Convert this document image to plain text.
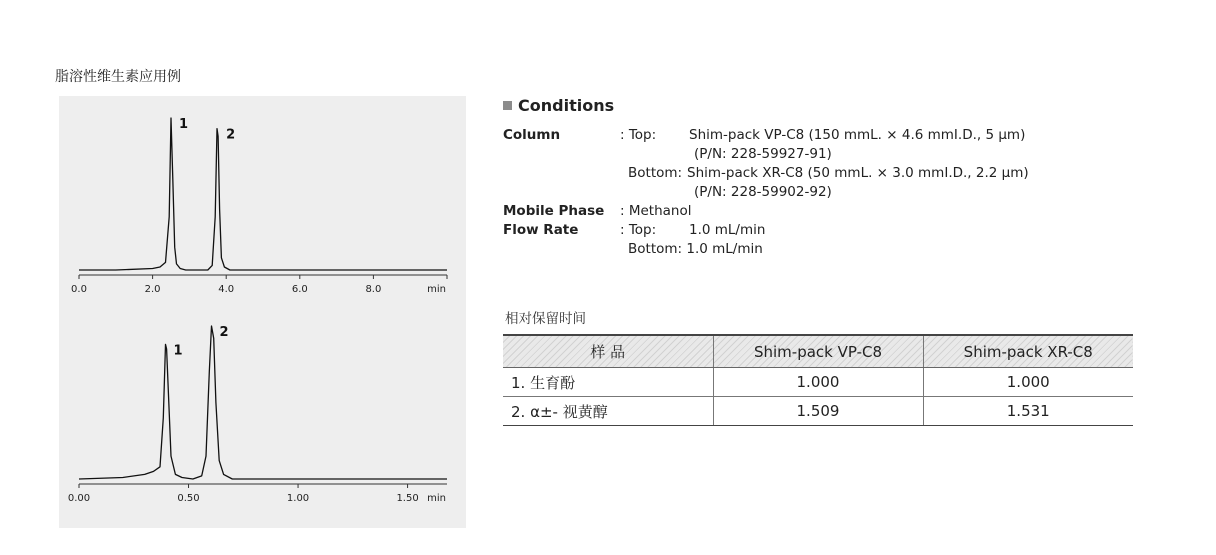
脂溶性维生素应用例
0.0	2.0	4.0	6.0	8.0	min
1
2
0.00	0.50	1.00	1.50 min
1
2
Conditions
Column	: Top: Shim-pack VP-C8 (150 mmL. × 4.6 mmI.D., 5 μm)
(P/N: 228-59927-91)
Bottom: Shim-pack XR-C8 (50 mmL. × 3.0 mmI.D., 2.2 μm)
(P/N: 228-59902-92)
Mobile Phase : Methanol
Flow Rate	: Top: 1.0 mL/min
Bottom: 1.0 mL/min
相对保留时间
样 品	Shim-pack VP-C8	Shim-pack XR-C8
1. 生育酚	1.000	1.000
2. α±- 视黄醇	1.509	1.531
